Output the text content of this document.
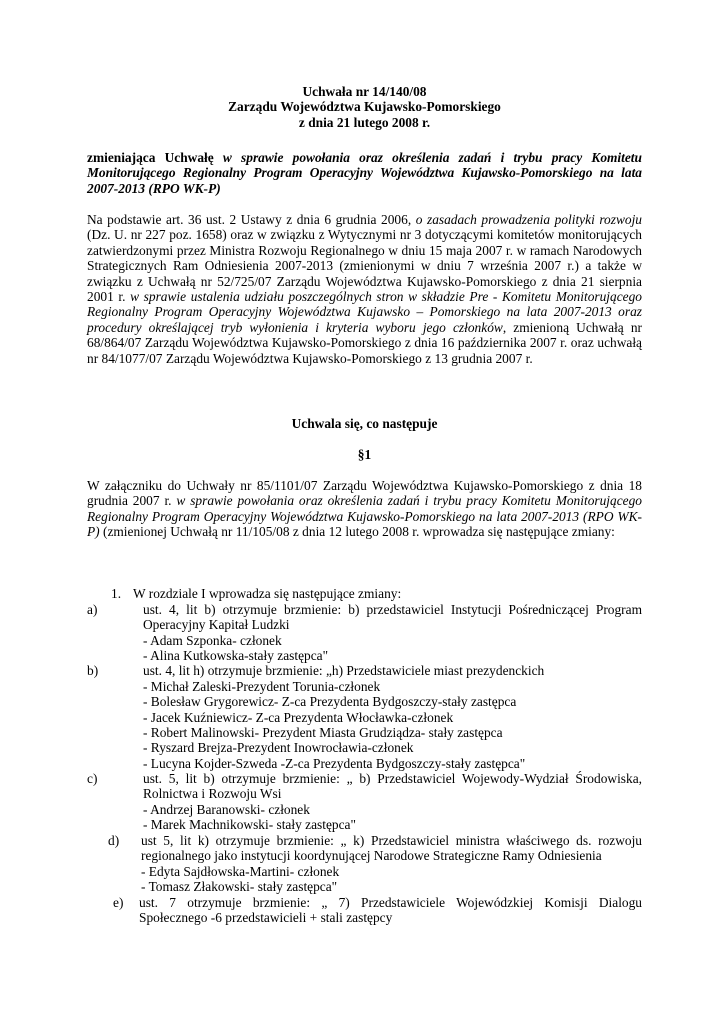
Uchwała nr 14/140/08
Zarządu Województwa Kujawsko-Pomorskiego
z dnia 21 lutego 2008 r.
zmieniająca Uchwałę w sprawie powołania oraz określenia zadań i trybu pracy Komitetu Monitorującego Regionalny Program Operacyjny Województwa Kujawsko-Pomorskiego na lata 2007-2013 (RPO WK-P)
Na podstawie art. 36 ust. 2 Ustawy z dnia 6 grudnia 2006, o zasadach prowadzenia polityki rozwoju (Dz. U. nr 227 poz. 1658) oraz w związku z Wytycznymi nr 3 dotyczącymi komitetów monitorujących zatwierdzonymi przez Ministra Rozwoju Regionalnego w dniu 15 maja 2007 r. w ramach Narodowych Strategicznych Ram Odniesienia 2007-2013 (zmienionymi w dniu 7 września 2007 r.) a także w związku z Uchwałą nr 52/725/07 Zarządu Województwa Kujawsko-Pomorskiego z dnia 21 sierpnia 2001 r. w sprawie ustalenia udziału poszczególnych stron w składzie Pre - Komitetu Monitorującego Regionalny Program Operacyjny Województwa Kujawsko – Pomorskiego na lata 2007-2013 oraz procedury określającej tryb wyłonienia i kryteria wyboru jego członków, zmienioną Uchwałą nr 68/864/07 Zarządu Województwa Kujawsko-Pomorskiego z dnia 16 października 2007 r. oraz uchwałą nr 84/1077/07 Zarządu Województwa Kujawsko-Pomorskiego z 13 grudnia 2007 r.
Uchwala się, co następuje
§1
W załączniku do Uchwały nr 85/1101/07 Zarządu Województwa Kujawsko-Pomorskiego z dnia 18 grudnia 2007 r. w sprawie powołania oraz określenia zadań i trybu pracy Komitetu Monitorującego Regionalny Program Operacyjny Województwa Kujawsko-Pomorskiego na lata 2007-2013 (RPO WK-P) (zmienionej Uchwałą nr 11/105/08 z dnia 12 lutego 2008 r. wprowadza się następujące zmiany:
1. W rozdziale I wprowadza się następujące zmiany:
a)	ust. 4, lit b) otrzymuje brzmienie: b) przedstawiciel Instytucji Pośredniczącej Program Operacyjny Kapitał Ludzki
- Adam Szponka- członek
- Alina Kutkowska-stały zastępca"
b)	ust. 4, lit h) otrzymuje brzmienie: „h) Przedstawiciele miast prezydenckich
- Michał Zaleski-Prezydent Torunia-członek
- Bolesław Grygorewicz- Z-ca Prezydenta Bydgoszczy-stały zastępca
- Jacek Kuźniewicz- Z-ca Prezydenta Włocławka-członek
- Robert Malinowski- Prezydent Miasta Grudziądza- stały zastępca
- Ryszard Brejza-Prezydent Inowrocławia-członek
- Lucyna Kojder-Szweda -Z-ca Prezydenta Bydgoszczy-stały zastępca"
c)	ust. 5, lit b) otrzymuje brzmienie: „ b) Przedstawiciel Wojewody-Wydział Środowiska, Rolnictwa i Rozwoju Wsi
- Andrzej Baranowski- członek
- Marek Machnikowski- stały zastępca"
d) ust 5, lit k) otrzymuje brzmienie: „ k) Przedstawiciel ministra właściwego ds. rozwoju regionalnego jako instytucji koordynującej Narodowe Strategiczne Ramy Odniesienia
- Edyta Sajdłowska-Martini- członek
- Tomasz Złakowski- stały zastępca"
e) ust. 7 otrzymuje brzmienie: „ 7) Przedstawiciele Wojewódzkiej Komisji Dialogu Społecznego -6 przedstawicieli + stali zastępcy
